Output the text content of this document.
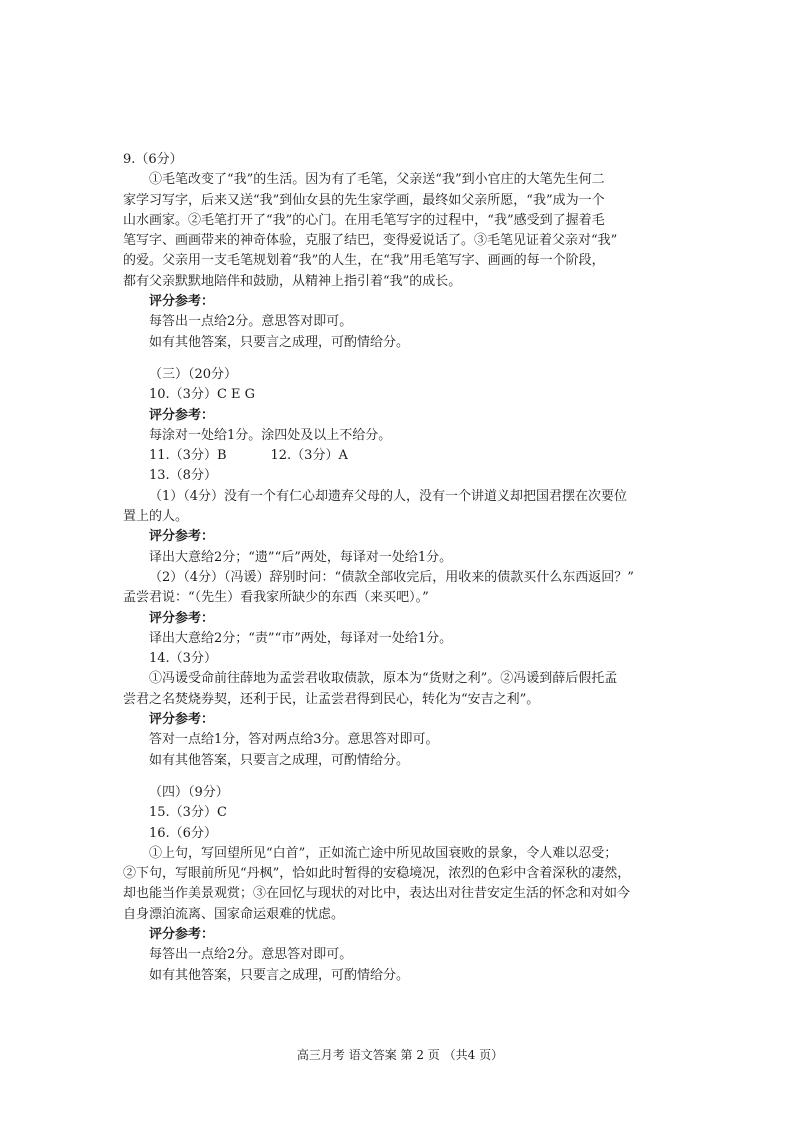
9.（6分）
①毛笔改变了“我”的生活。因为有了毛笔，父亲送“我”到小官庄的大笔先生何二
家学习写字，后来又送“我”到仙女县的先生家学画，最终如父亲所愿，“我”成为一个
山水画家。②毛笔打开了“我”的心门。在用毛笔写字的过程中，“我”感受到了握着毛
笔写字、画画带来的神奇体验，克服了结巴，变得爱说话了。③毛笔见证着父亲对“我”
的爱。父亲用一支毛笔规划着“我”的人生，在“我”用毛笔写字、画画的每一个阶段，
都有父亲默默地陪伴和鼓励，从精神上指引着“我”的成长。
评分参考：
每答出一点给2分。意思答对即可。
如有其他答案，只要言之成理，可酌情给分。
（三）（20分）
10.（3分）C E G
评分参考：
每涂对一处给1分。涂四处及以上不给分。
11.（3分）B	12.（3分）A
13.（8分）
（1）（4分）没有一个有仁心却遗弃父母的人，没有一个讲道义却把国君摆在次要位
置上的人。
评分参考：
译出大意给2分；“遗”“后”两处，每译对一处给1分。
（2）（4分）（冯谖）辞别时问：“债款全部收完后，用收来的债款买什么东西返回？”
孟尝君说：“（先生）看我家所缺少的东西（来买吧）。”
评分参考：
译出大意给2分；“责”“市”两处，每译对一处给1分。
14.（3分）
①冯谖受命前往薛地为孟尝君收取债款，原本为“货财之利”。②冯谖到薛后假托孟
尝君之名焚烧券契，还利于民，让孟尝君得到民心，转化为“安吉之利”。
评分参考：
答对一点给1分，答对两点给3分。意思答对即可。
如有其他答案，只要言之成理，可酌情给分。
（四）（9分）
15.（3分）C
16.（6分）
①上句，写回望所见“白首”，正如流亡途中所见故国衰败的景象，令人难以忍受；
②下句，写眼前所见“丹枫”，恰如此时暂得的安稳境况，浓烈的色彩中含着深秋的凄然，
却也能当作美景观赏；③在回忆与现状的对比中，表达出对往昔安定生活的怀念和对如今
自身漂泊流离、国家命运艰难的忧虑。
评分参考：
每答出一点给2分。意思答对即可。
如有其他答案，只要言之成理，可酌情给分。
高三月考 语文答案 第 2 页 （共4 页）
